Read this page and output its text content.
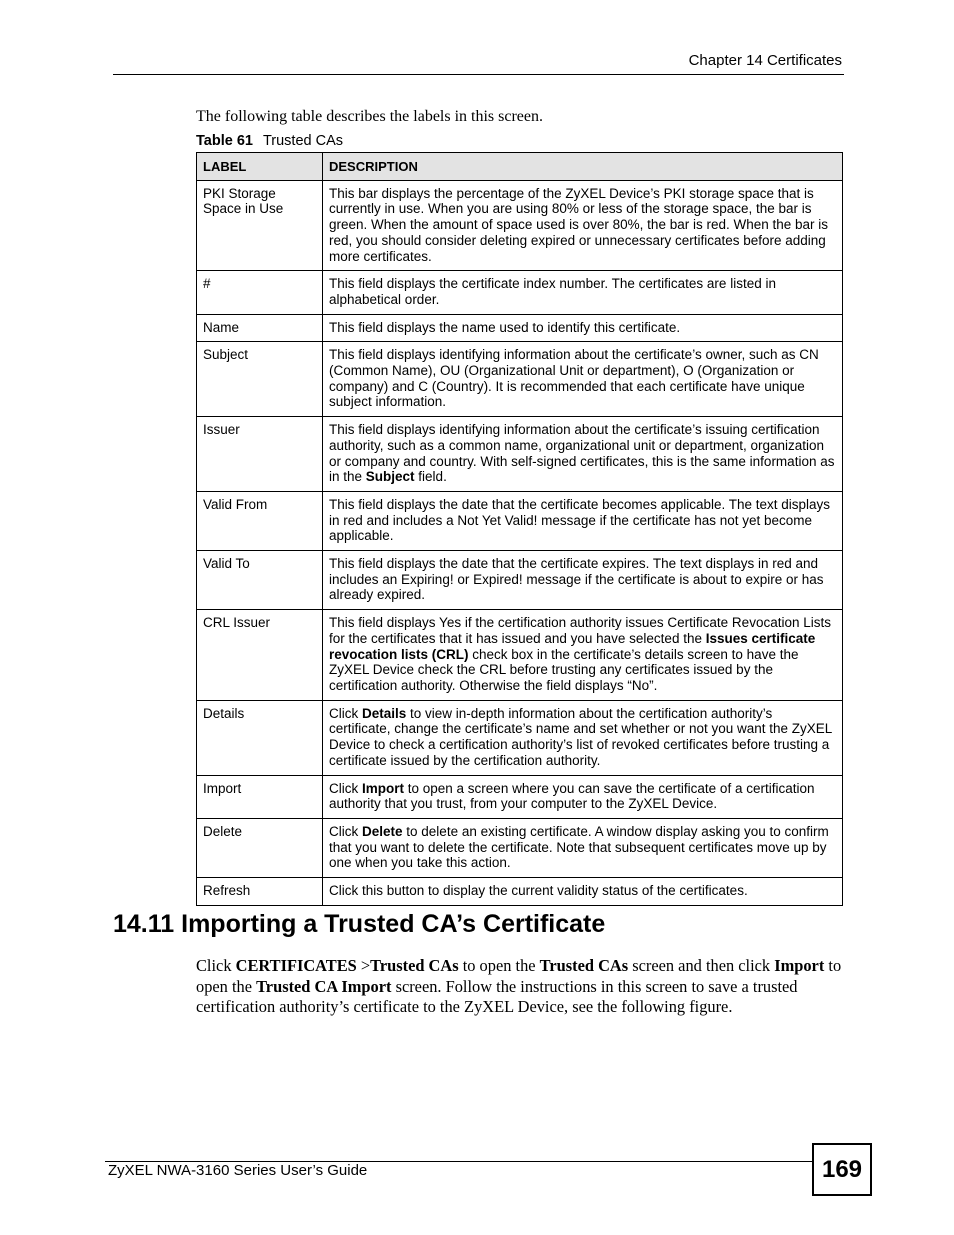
Chapter 14 Certificates
The following table describes the labels in this screen.
Table 61 Trusted CAs
LABEL	DESCRIPTION
PKI Storage Space in Use	This bar displays the percentage of the ZyXEL Device’s PKI storage space that is currently in use. When you are using 80% or less of the storage space, the bar is green. When the amount of space used is over 80%, the bar is red. When the bar is red, you should consider deleting expired or unnecessary certificates before adding more certificates.
#	This field displays the certificate index number. The certificates are listed in alphabetical order.
Name	This field displays the name used to identify this certificate.
Subject	This field displays identifying information about the certificate’s owner, such as CN (Common Name), OU (Organizational Unit or department), O (Organization or company) and C (Country). It is recommended that each certificate have unique subject information.
Issuer	This field displays identifying information about the certificate’s issuing certification authority, such as a common name, organizational unit or department, organization or company and country. With self-signed certificates, this is the same information as in the Subject field.
Valid From	This field displays the date that the certificate becomes applicable. The text displays in red and includes a Not Yet Valid! message if the certificate has not yet become applicable.
Valid To	This field displays the date that the certificate expires. The text displays in red and includes an Expiring! or Expired! message if the certificate is about to expire or has already expired.
CRL Issuer	This field displays Yes if the certification authority issues Certificate Revocation Lists for the certificates that it has issued and you have selected the Issues certificate revocation lists (CRL) check box in the certificate’s details screen to have the ZyXEL Device check the CRL before trusting any certificates issued by the certification authority. Otherwise the field displays “No”.
Details	Click Details to view in-depth information about the certification authority’s certificate, change the certificate’s name and set whether or not you want the ZyXEL Device to check a certification authority’s list of revoked certificates before trusting a certificate issued by the certification authority.
Import	Click Import to open a screen where you can save the certificate of a certification authority that you trust, from your computer to the ZyXEL Device.
Delete	Click Delete to delete an existing certificate. A window display asking you to confirm that you want to delete the certificate. Note that subsequent certificates move up by one when you take this action.
Refresh	Click this button to display the current validity status of the certificates.
14.11 Importing a Trusted CA’s Certificate
Click CERTIFICATES >Trusted CAs to open the Trusted CAs screen and then click Import to open the Trusted CA Import screen. Follow the instructions in this screen to save a trusted certification authority’s certificate to the ZyXEL Device, see the following figure.
ZyXEL NWA-3160 Series User’s Guide	169
